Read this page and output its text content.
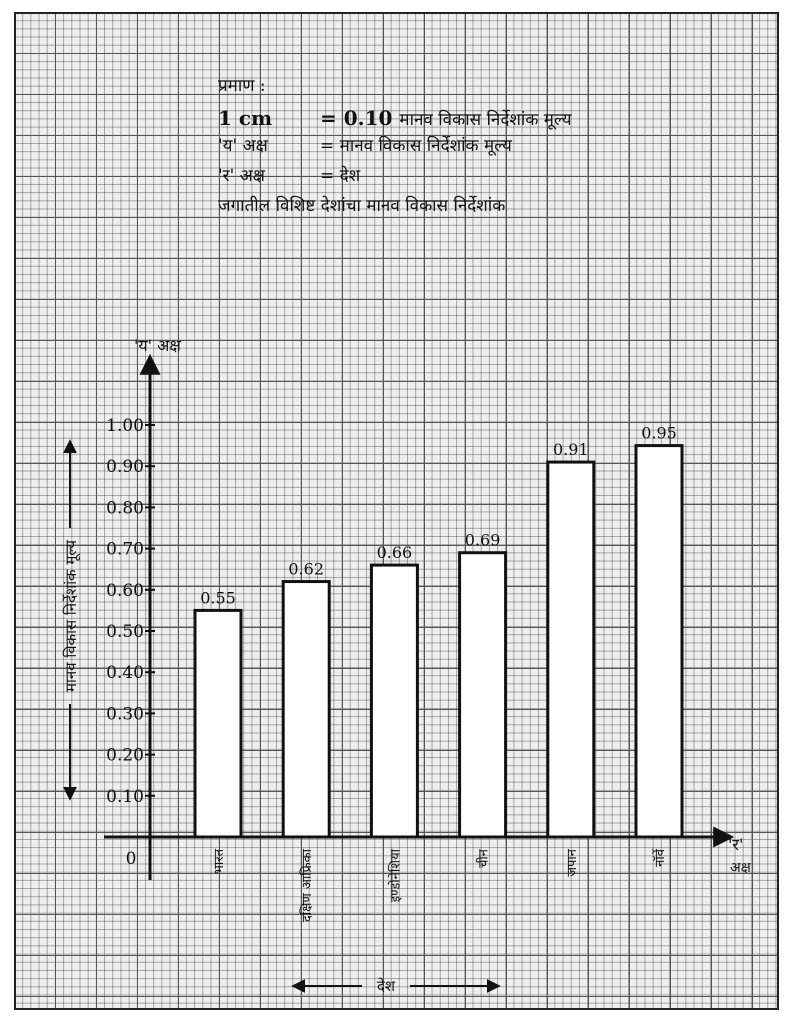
प्रमाण :
1 cm = 0.10 मानव विकास निर्देशांक मूल्य
'य' अक्ष	= मानव विकास निर्देशांक मूल्य
'र' अक्ष	= देश
जगातील विशिष्ट देशांचा मानव विकास निर्देशांक
0
0.10
0.20
0.30
0.40
0.50
0.60
0.70
0.80
0.90
1.00
'य' अक्ष
मानव विकास निर्देशांक मूल्य	0.55
भारत
0.62
दक्षिण आफ्रिका
0.66
इण्डोनेशिया
0.69
चीन
0.91
जपान
0.95
नॉर्वे
'र'
अक्ष
देश
